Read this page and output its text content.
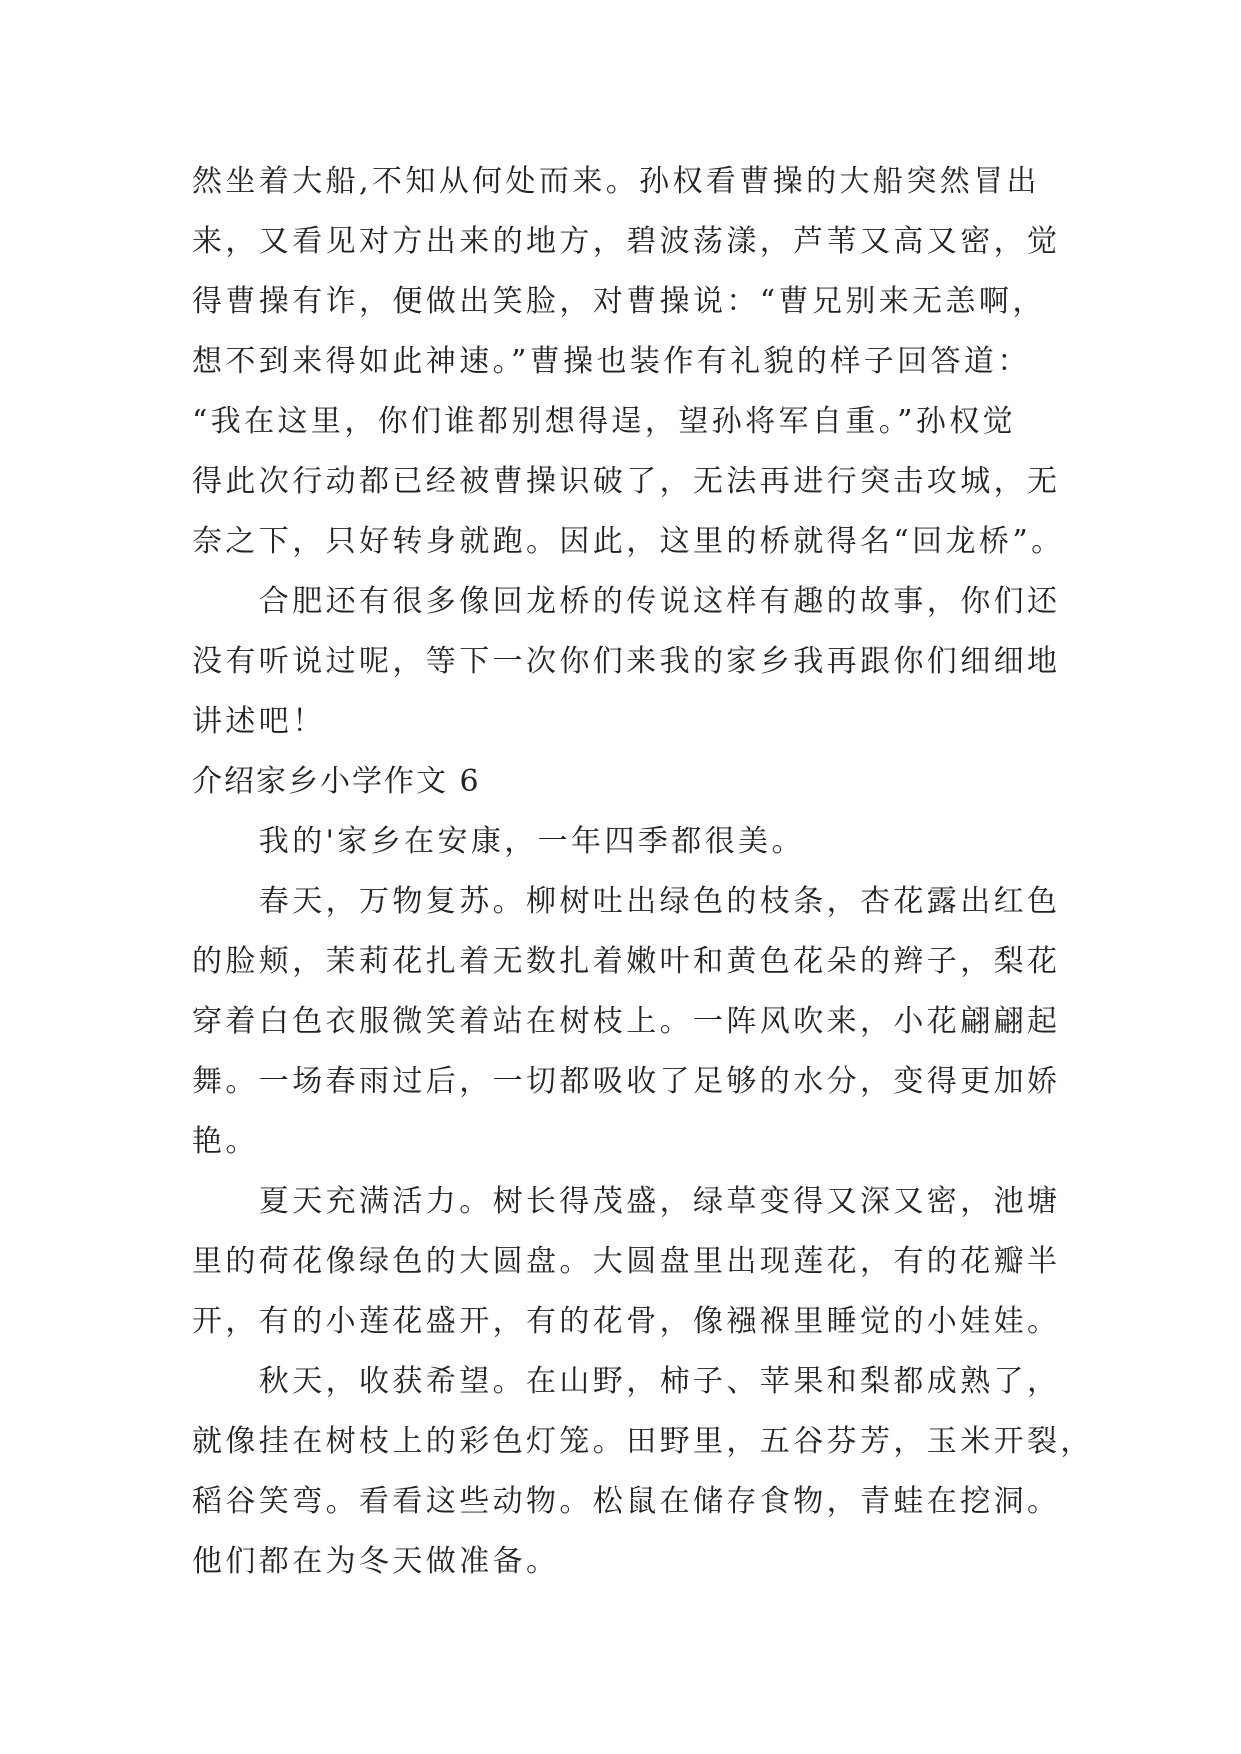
然坐着大船,不知从何处而来。孙权看曹操的大船突然冒出
来，又看见对方出来的地方，碧波荡漾，芦苇又高又密，觉
得曹操有诈，便做出笑脸，对曹操说：“曹兄别来无恙啊，
想不到来得如此神速。”曹操也装作有礼貌的样子回答道：
“我在这里，你们谁都别想得逞，望孙将军自重。”孙权觉
得此次行动都已经被曹操识破了，无法再进行突击攻城，无
奈之下，只好转身就跑。因此，这里的桥就得名“回龙桥”。
　　合肥还有很多像回龙桥的传说这样有趣的故事，你们还
没有听说过呢，等下一次你们来我的家乡我再跟你们细细地
讲述吧！
介绍家乡小学作文 6
　　我的'家乡在安康，一年四季都很美。
　　春天，万物复苏。柳树吐出绿色的枝条，杏花露出红色
的脸颊，茉莉花扎着无数扎着嫩叶和黄色花朵的辫子，梨花
穿着白色衣服微笑着站在树枝上。一阵风吹来，小花翩翩起
舞。一场春雨过后，一切都吸收了足够的水分，变得更加娇
艳。
　　夏天充满活力。树长得茂盛，绿草变得又深又密，池塘
里的荷花像绿色的大圆盘。大圆盘里出现莲花，有的花瓣半
开，有的小莲花盛开，有的花骨，像襁褓里睡觉的小娃娃。
　　秋天，收获希望。在山野，柿子、苹果和梨都成熟了，
就像挂在树枝上的彩色灯笼。田野里，五谷芬芳，玉米开裂，
稻谷笑弯。看看这些动物。松鼠在储存食物，青蛙在挖洞。
他们都在为冬天做准备。
